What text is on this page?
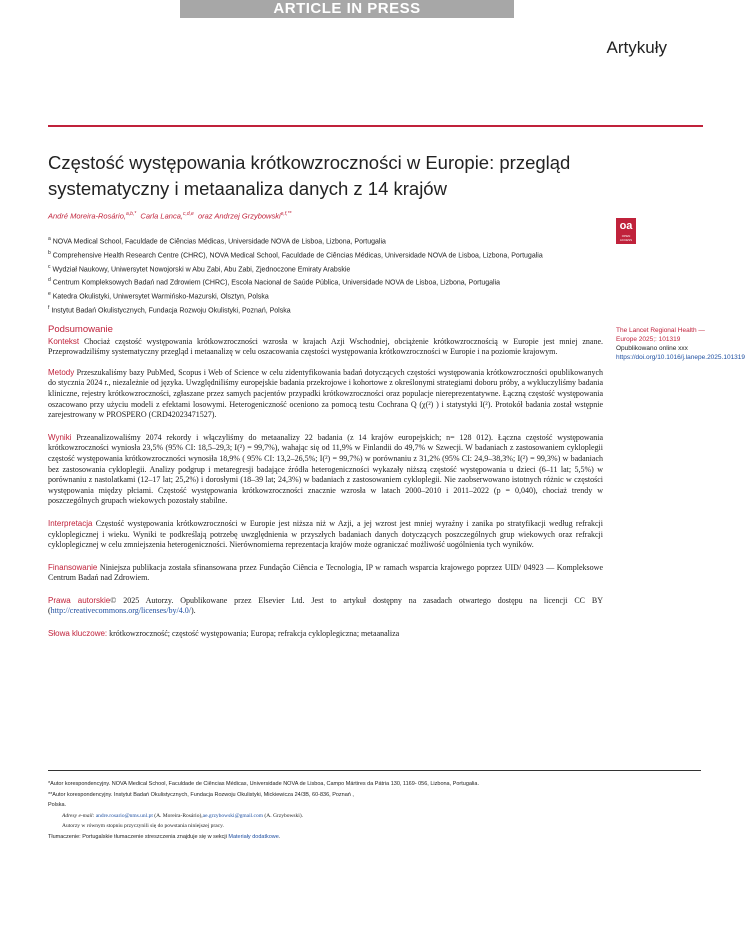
ARTICLE IN PRESS
Artykuły
Częstość występowania krótkowzroczności w Europie: przegląd systematyczny i metaanaliza danych z 14 krajów
André Moreira-Rosário,$^{a,b,*}$ Carla Lanca,$^{c,d,e}$ oraz Andrzej Grzybowski$^{e,f,**}$
$^a$ NOVA Medical School, Faculdade de Ciências Médicas, Universidade NOVA de Lisboa, Lizbona, Portugalia
$^b$ Comprehensive Health Research Centre (CHRC), NOVA Medical School, Faculdade de Ciências Médicas, Universidade NOVA de Lisboa, Lizbona, Portugalia
$^c$ Wydział Naukowy, Uniwersytet Nowojorski w Abu Zabi, Abu Zabi, Zjednoczone Emiraty Arabskie
$^d$ Centrum Kompleksowych Badań nad Zdrowiem (CHRC), Escola Nacional de Saúde Pública, Universidade NOVA de Lisboa, Lizbona, Portugalia
$^e$ Katedra Okulistyki, Uniwersytet Warmińsko-Mazurski, Olsztyn, Polska
$^f$ Instytut Badań Okulistycznych, Fundacja Rozwoju Okulistyki, Poznań, Polska
oa
OPEN ACCESS
The Lancet Regional Health — Europe 2025;: 101319
Opublikowano online xxx
https://doi.org/10.1016/j.lanepe.2025.101319
Podsumowanie

Kontekst Chociaż częstość występowania krótkowzroczności wzrosła w krajach Azji Wschodniej, obciążenie krótkowzrocznością w Europie jest mniej znane. Przeprowadziliśmy systematyczny przegląd i metaanalizę w celu oszacowania częstości występowania krótkowzroczności w Europie i na poziomie krajowym.

Metody Przeszukaliśmy bazy PubMed, Scopus i Web of Science w celu zidentyfikowania badań dotyczących częstości występowania krótkowzroczności opublikowanych do stycznia 2024 r., niezależnie od języka. Uwzględniliśmy europejskie badania przekrojowe i kohortowe z określonymi strategiami doboru próby, a wykluczyliśmy badania kliniczne, rejestry krótkowzroczności, zgłaszane przez samych pacjentów przypadki krótkowzroczności oraz populacje niereprezentatywne. Łączną częstość występowania oszacowano przy użyciu modeli z efektami losowymi. Heterogeniczność oceniono za pomocą testu Cochrana Q (χ(²) ) i statystyki I(²). Protokół badania został wstępnie zarejestrowany w PROSPERO (CRD42023471527).

Wyniki Przeanalizowaliśmy 2074 rekordy i włączyliśmy do metaanalizy 22 badania (z 14 krajów europejskich; n= 128 012). Łączna częstość występowania krótkowzroczności wyniosła 23,5% (95% CI: 18,5–29,3; I(²) = 99,7%), wahając się od 11,9% w Finlandii do 49,7% w Szwecji. W badaniach z zastosowaniem cykloplegii częstość występowania krótkowzroczności wynosiła 18,9% ( 95% CI: 13,2–26,5%; I(²) = 99,7%) w porównaniu z 31,2% (95% CI: 24,9–38,3%; I(²) = 99,3%) w badaniach bez zastosowania cykloplegii. Analizy podgrup i metaregresji badające źródła heterogeniczności wykazały niższą częstość występowania u dzieci (6–11 lat; 5,5%) w porównaniu z nastolatkami (12–17 lat; 25,2%) i dorosłymi (18–39 lat; 24,3%) w badaniach z zastosowaniem cykloplegii. Nie zaobserwowano istotnych różnic w częstości występowania między płciami. Częstość występowania krótkowzroczności znacznie wzrosła w latach 2000–2010 i 2011–2022 (p = 0,040), chociaż trendy w poszczególnych grupach wiekowych pozostały stabilne.

Interpretacja Częstość występowania krótkowzroczności w Europie jest niższa niż w Azji, a jej wzrost jest mniej wyraźny i zanika po stratyfikacji według refrakcji cykloplegicznej i wieku. Wyniki te podkreślają potrzebę uwzględnienia w przyszłych badaniach danych dotyczących poszczególnych grup wiekowych oraz refrakcji cykloplegicznej w celu zmniejszenia heterogeniczności. Nierównomierna reprezentacja krajów może ograniczać możliwość uogólnienia tych wyników.

Finansowanie Niniejsza publikacja została sfinansowana przez Fundação Ciência e Tecnologia, IP w ramach wsparcia krajowego poprzez UID/ 04923 — Kompleksowe Centrum Badań nad Zdrowiem.

Prawa autorskie© 2025 Autorzy. Opublikowane przez Elsevier Ltd. Jest to artykuł dostępny na zasadach otwartego dostępu na licencji CC BY (http://creativecommons.org/licenses/by/4.0/).

Słowa kluczowe: krótkowzroczność; częstość występowania; Europa; refrakcja cykloplegiczna; metaanaliza

*Autor korespondencyjny. NOVA Medical School, Faculdade de Ciências Médicas, Universidade NOVA de Lisboa, Campo Mártires da Pátria 130, 1169- 056, Lizbona, Portugalia.
**Autor korespondencyjny. Instytut Badań Okulistycznych, Fundacja Rozwoju Okulistyki, Mickiewicza 24/3B, 60-836, Poznań ,
Polska.
Adresy e-mail: andre.rosario@nms.unl.pt (A. Moreira-Rosário),ae.grzybowski@gmail.com (A. Grzybowski).
Autorzy w równym stopniu przyczynili się do powstania niniejszej pracy.
Tłumaczenie: Portugalskie tłumaczenie streszczenia znajduje się w sekcji Materiały dodatkowe.
